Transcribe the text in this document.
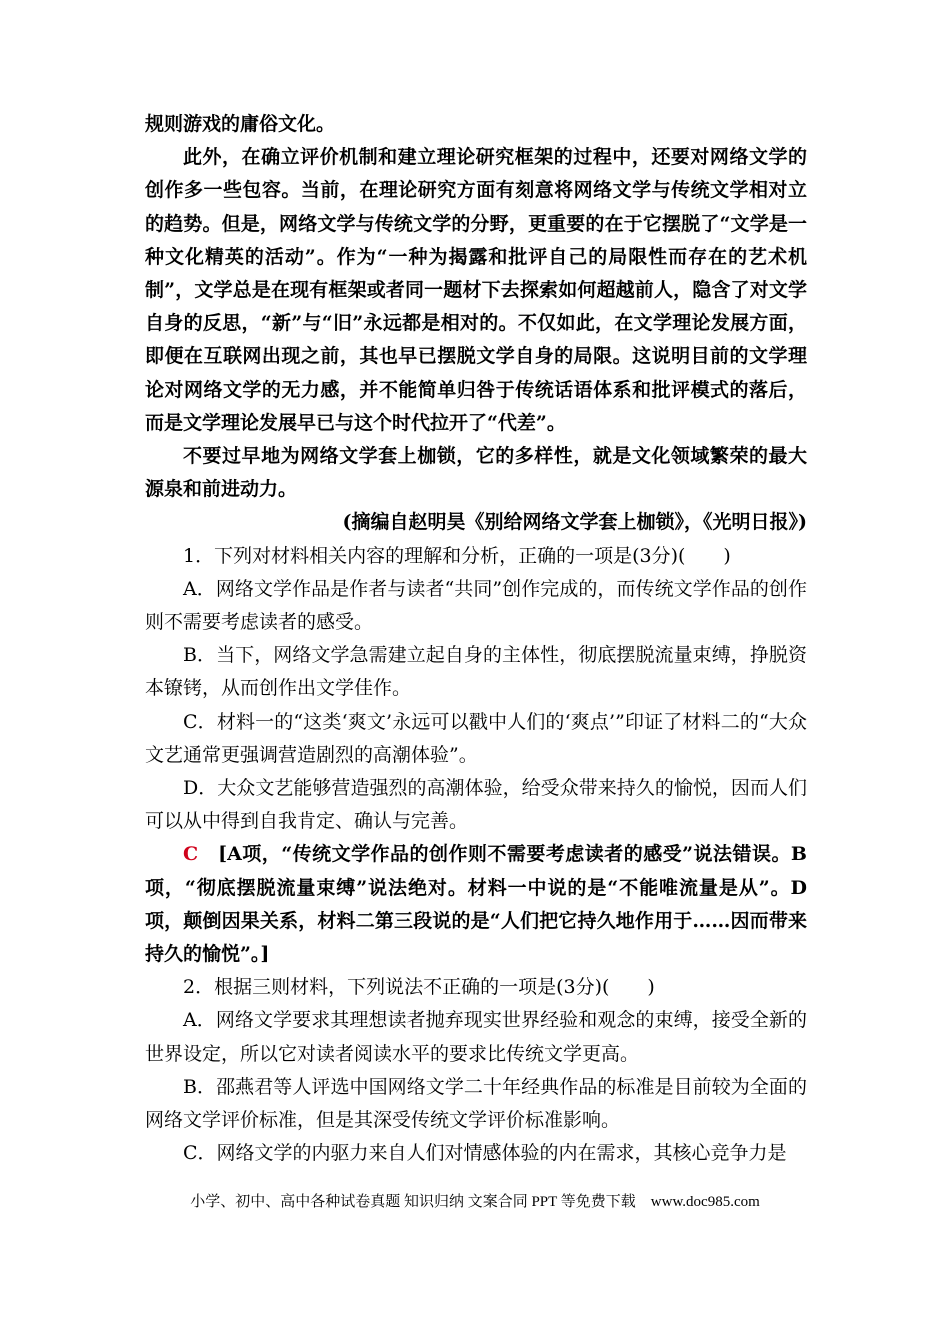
规则游戏的庸俗文化。

此外，在确立评价机制和建立理论研究框架的过程中，还要对网络文学的创作多一些包容。当前，在理论研究方面有刻意将网络文学与传统文学相对立的趋势。但是，网络文学与传统文学的分野，更重要的在于它摆脱了“文学是一种文化精英的活动”。作为“一种为揭露和批评自己的局限性而存在的艺术机制”，文学总是在现有框架或者同一题材下去探索如何超越前人，隐含了对文学自身的反思，“新”与“旧”永远都是相对的。不仅如此，在文学理论发展方面，即便在互联网出现之前，其也早已摆脱文学自身的局限。这说明目前的文学理论对网络文学的无力感，并不能简单归咎于传统话语体系和批评模式的落后，而是文学理论发展早已与这个时代拉开了“代差”。

不要过早地为网络文学套上枷锁，它的多样性，就是文化领域繁荣的最大源泉和前进动力。

(摘编自赵明昊《别给网络文学套上枷锁》，《光明日报》)

1．下列对材料相关内容的理解和分析，正确的一项是(3分)(　　)

A．网络文学作品是作者与读者“共同”创作完成的，而传统文学作品的创作则不需要考虑读者的感受。

B．当下，网络文学急需建立起自身的主体性，彻底摆脱流量束缚，挣脱资本镣铐，从而创作出文学佳作。

C．材料一的“这类‘爽文’永远可以戳中人们的‘爽点’”印证了材料二的“大众文艺通常更强调营造剧烈的高潮体验”。

D．大众文艺能够营造强烈的高潮体验，给受众带来持久的愉悦，因而人们可以从中得到自我肯定、确认与完善。

C　[A项，“传统文学作品的创作则不需要考虑读者的感受”说法错误。B项，“彻底摆脱流量束缚”说法绝对。材料一中说的是“不能唯流量是从”。D项，颠倒因果关系，材料二第三段说的是“人们把它持久地作用于……因而带来持久的愉悦”。]

2．根据三则材料，下列说法不正确的一项是(3分)(　　)

A．网络文学要求其理想读者抛弃现实世界经验和观念的束缚，接受全新的世界设定，所以它对读者阅读水平的要求比传统文学更高。

B．邵燕君等人评选中国网络文学二十年经典作品的标准是目前较为全面的网络文学评价标准，但是其深受传统文学评价标准影响。

C．网络文学的内驱力来自人们对情感体验的内在需求，其核心竞争力是

小学、初中、高中各种试卷真题 知识归纳 文案合同 PPT 等免费下载　www.doc985.com
